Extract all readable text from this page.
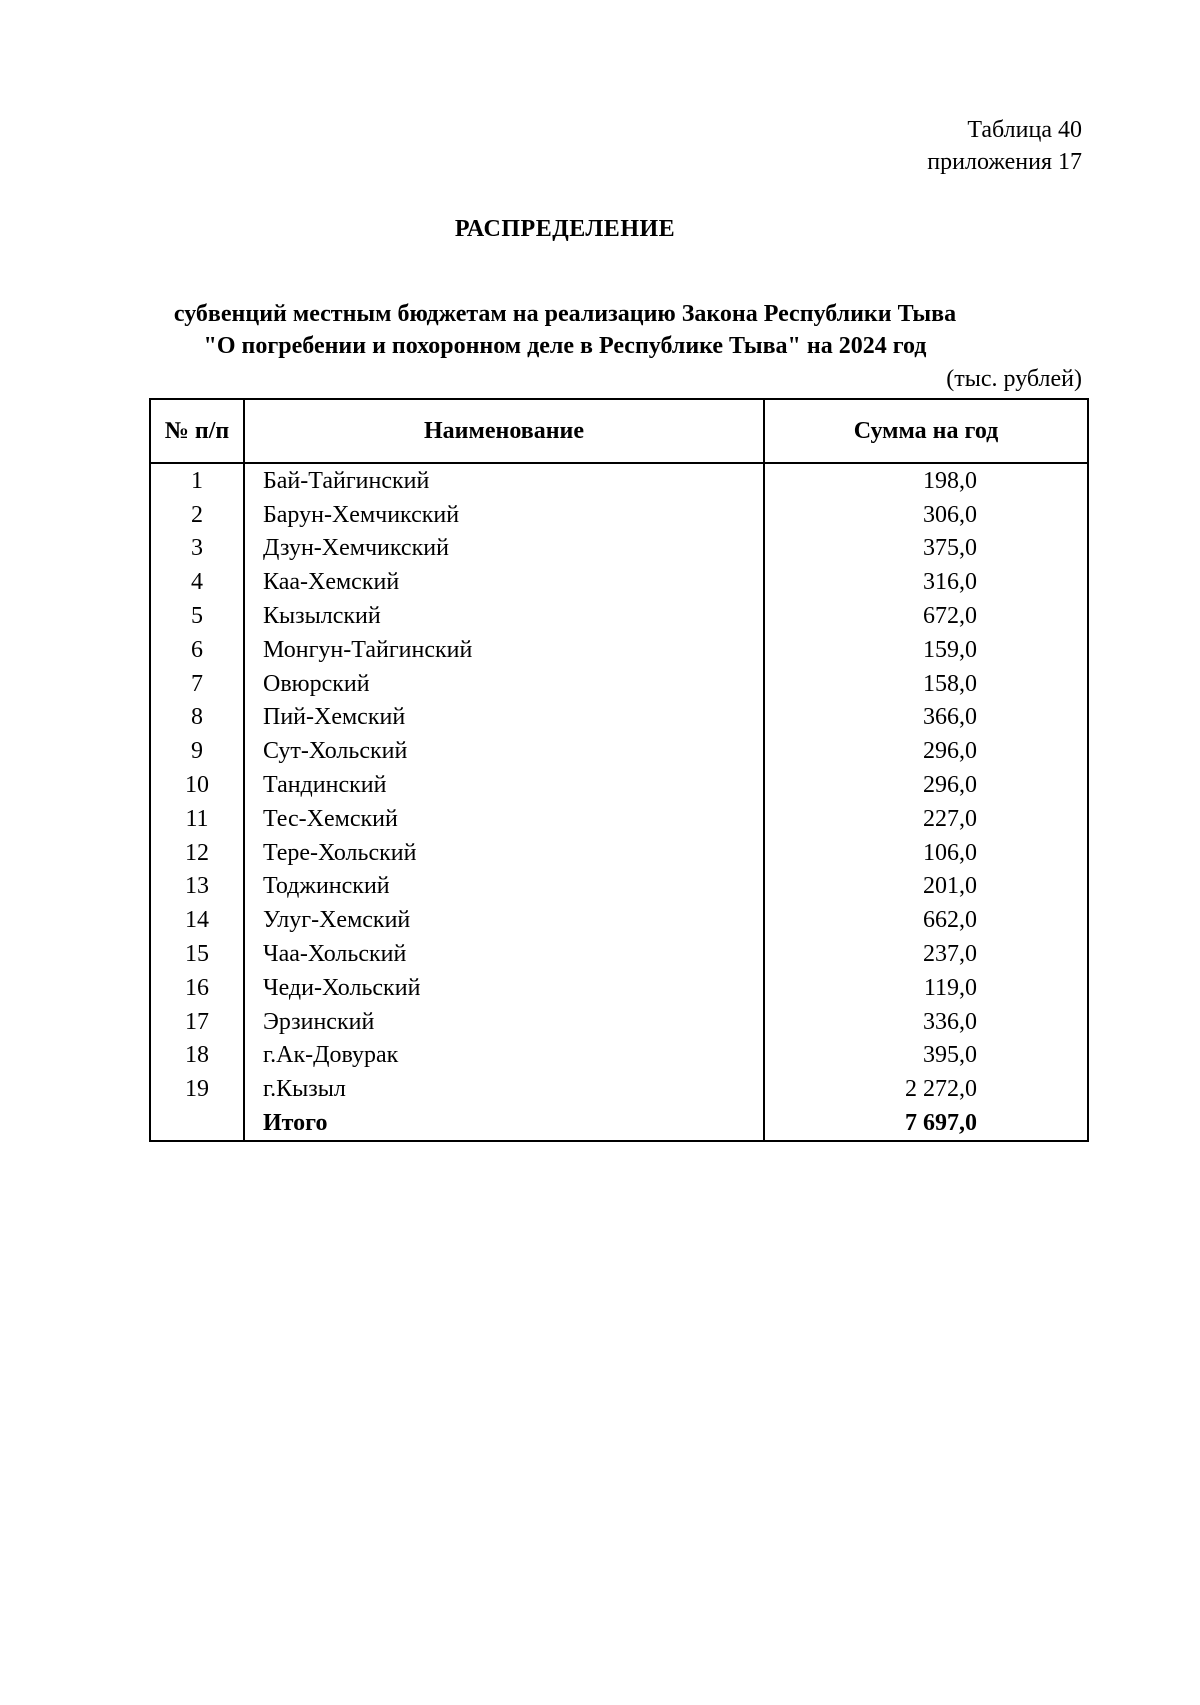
Таблица 40
приложения 17
РАСПРЕДЕЛЕНИЕ
субвенций местным бюджетам на реализацию Закона Республики Тыва
"О погребении и похоронном деле в Республике Тыва" на 2024 год
(тыс. рублей)
№ п/п	Наименование	Сумма на год
1	Бай-Тайгинский	198,0
2	Барун-Хемчикский	306,0
3	Дзун-Хемчикский	375,0
4	Каа-Хемский	316,0
5	Кызылский	672,0
6	Монгун-Тайгинский	159,0
7	Овюрский	158,0
8	Пий-Хемский	366,0
9	Сут-Хольский	296,0
10	Тандинский	296,0
11	Тес-Хемский	227,0
12	Тере-Хольский	106,0
13	Тоджинский	201,0
14	Улуг-Хемский	662,0
15	Чаа-Хольский	237,0
16	Чеди-Хольский	119,0
17	Эрзинский	336,0
18	г.Ак-Довурак	395,0
19	г.Кызыл	2 272,0
	Итого	7 697,0
